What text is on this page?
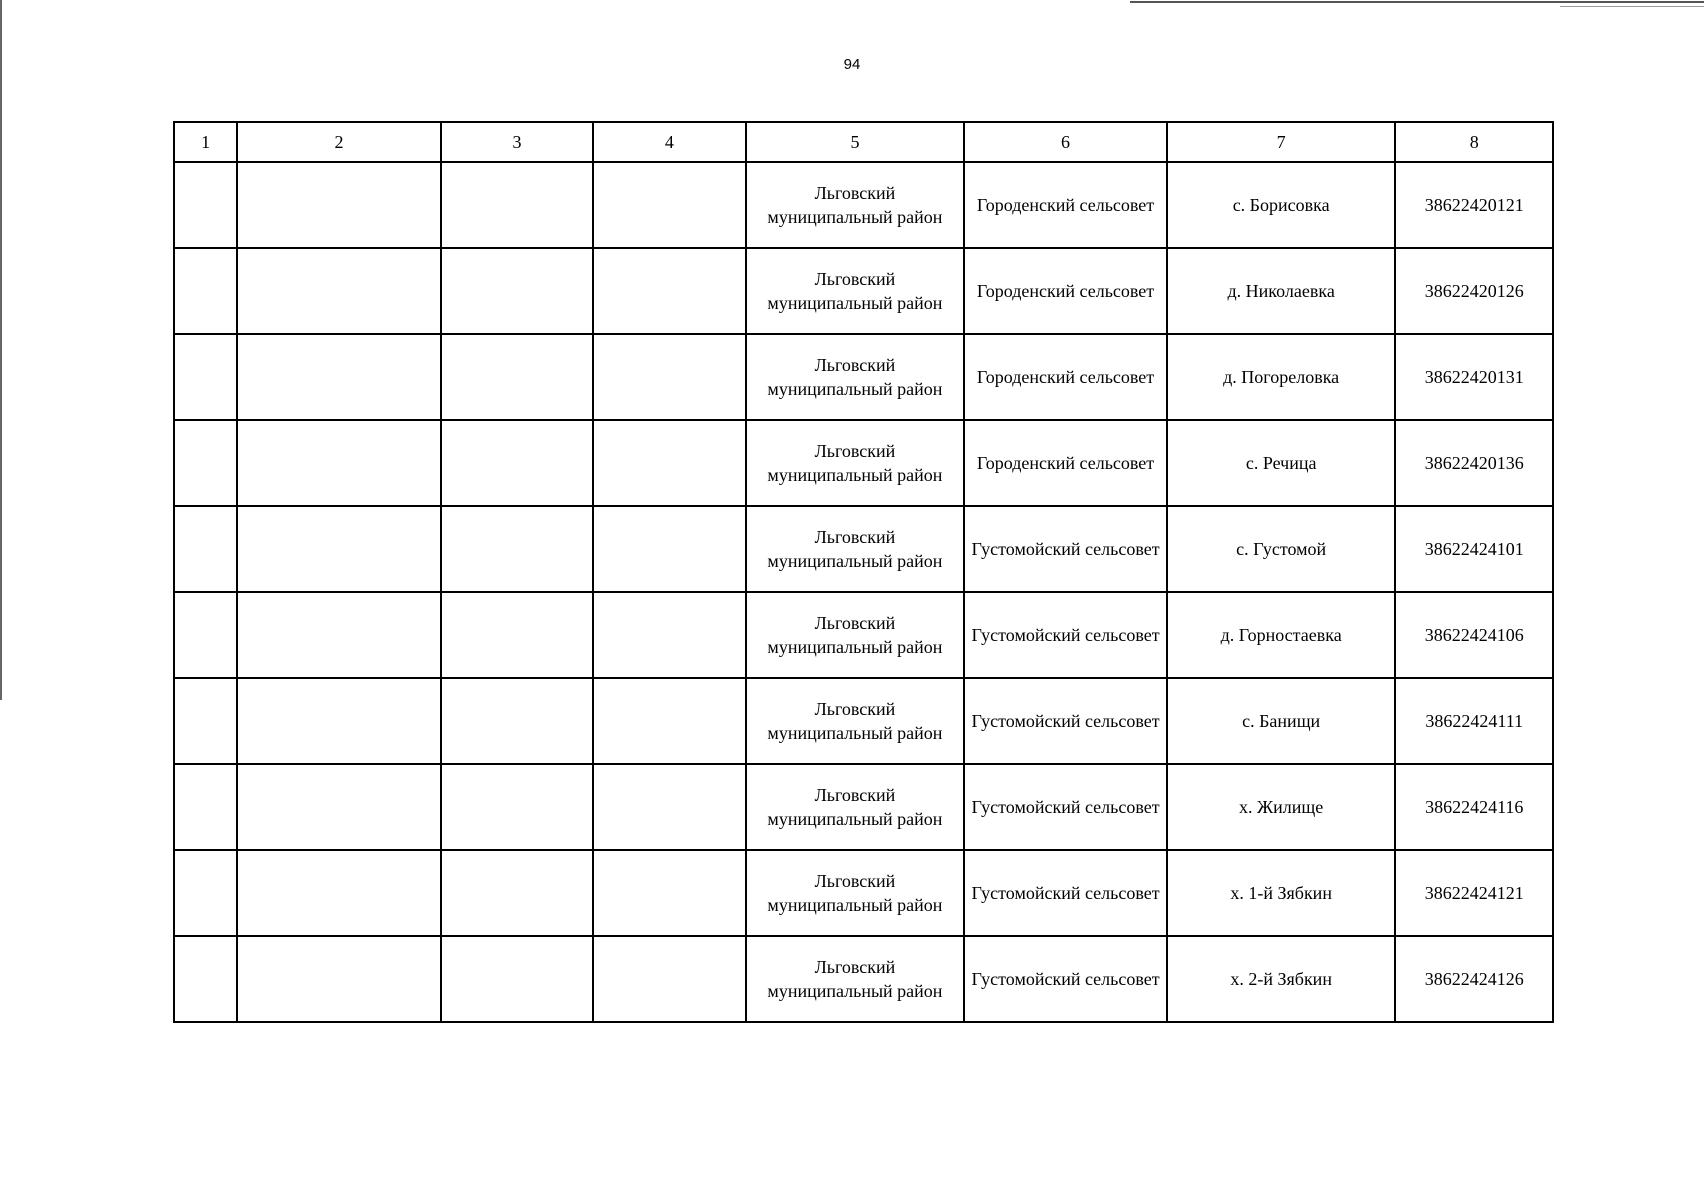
94
1	2	3	4	5	6	7	8
				Льговский муниципальный район	Городенский сельсовет	с. Борисовка	38622420121
				Льговский муниципальный район	Городенский сельсовет	д. Николаевка	38622420126
				Льговский муниципальный район	Городенский сельсовет	д. Погореловка	38622420131
				Льговский муниципальный район	Городенский сельсовет	с. Речица	38622420136
				Льговский муниципальный район	Густомойский сельсовет	с. Густомой	38622424101
				Льговский муниципальный район	Густомойский сельсовет	д. Горностаевка	38622424106
				Льговский муниципальный район	Густомойский сельсовет	с. Банищи	38622424111
				Льговский муниципальный район	Густомойский сельсовет	х. Жилище	38622424116
				Льговский муниципальный район	Густомойский сельсовет	х. 1-й Зябкин	38622424121
				Льговский муниципальный район	Густомойский сельсовет	х. 2-й Зябкин	38622424126
